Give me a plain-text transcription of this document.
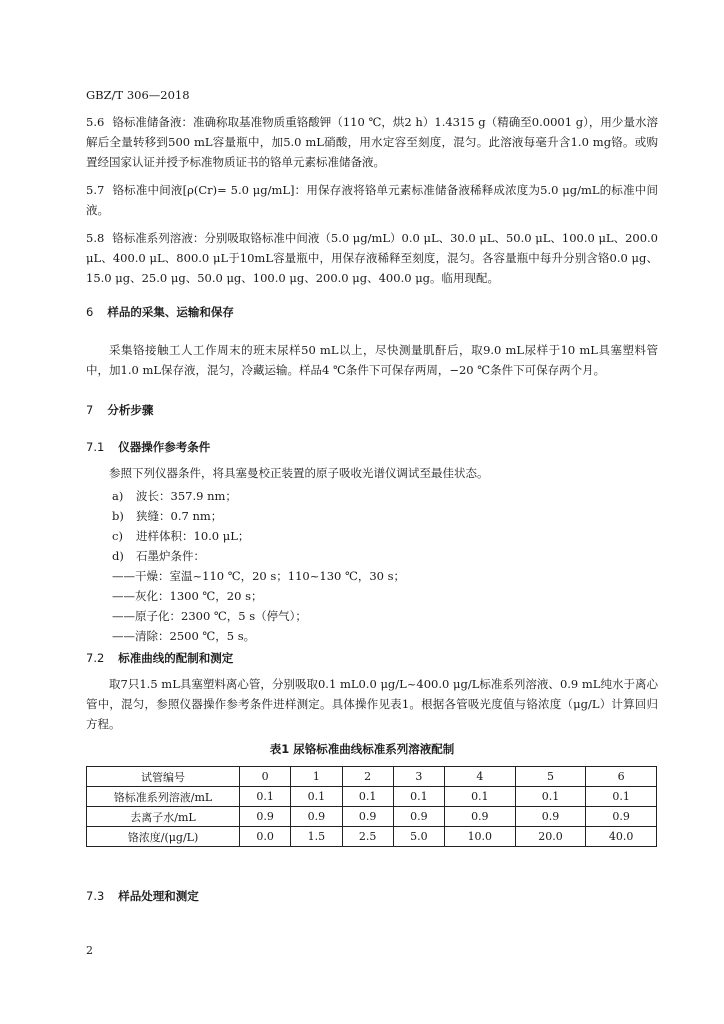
GBZ/T 306—2018
5.6 铬标准储备液：准确称取基准物质重铬酸钾（110 ℃，烘2 h）1.4315 g（精确至0.0001 g），用少量水溶解后全量转移到500 mL容量瓶中，加5.0 mL硝酸，用水定容至刻度，混匀。此溶液每毫升含1.0 mg铬。或购置经国家认证并授予标准物质证书的铬单元素标准储备液。
5.7 铬标准中间液[ρ(Cr)= 5.0 μg/mL]：用保存液将铬单元素标准储备液稀释成浓度为5.0 μg/mL的标准中间液。
5.8 铬标准系列溶液：分别吸取铬标准中间液（5.0 μg/mL）0.0 μL、30.0 μL、50.0 μL、100.0 μL、200.0 μL、400.0 μL、800.0 μL于10mL容量瓶中，用保存液稀释至刻度，混匀。各容量瓶中每升分别含铬0.0 μg、15.0 μg、25.0 μg、50.0 μg、100.0 μg、200.0 μg、400.0 μg。临用现配。
6 样品的采集、运输和保存
采集铬接触工人工作周末的班末尿样50 mL以上，尽快测量肌酐后，取9.0 mL尿样于10 mL具塞塑料管中，加1.0 mL保存液，混匀，冷藏运输。样品4 ℃条件下可保存两周，−20 ℃条件下可保存两个月。
7 分析步骤
7.1 仪器操作参考条件
参照下列仪器条件，将具塞曼校正装置的原子吸收光谱仪调试至最佳状态。
a) 波长：357.9 nm；
b) 狭缝：0.7 nm；
c) 进样体积：10.0 μL；
d) 石墨炉条件：
——干燥：室温~110 ℃，20 s；110~130 ℃，30 s；
——灰化：1300 ℃，20 s；
——原子化：2300 ℃，5 s（停气）；
——清除：2500 ℃，5 s。
7.2 标准曲线的配制和测定
取7只1.5 mL具塞塑料离心管，分别吸取0.1 mL0.0 μg/L~400.0 μg/L标准系列溶液、0.9 mL纯水于离心管中，混匀，参照仪器操作参考条件进样测定。具体操作见表1。根据各管吸光度值与铬浓度（μg/L）计算回归方程。
表1 尿铬标准曲线标准系列溶液配制
试管编号	0	1	2	3	4	5	6
铬标准系列溶液/mL	0.1	0.1	0.1	0.1	0.1	0.1	0.1
去离子水/mL	0.9	0.9	0.9	0.9	0.9	0.9	0.9
铬浓度/(μg/L)	0.0	1.5	2.5	5.0	10.0	20.0	40.0
7.3 样品处理和测定
2
